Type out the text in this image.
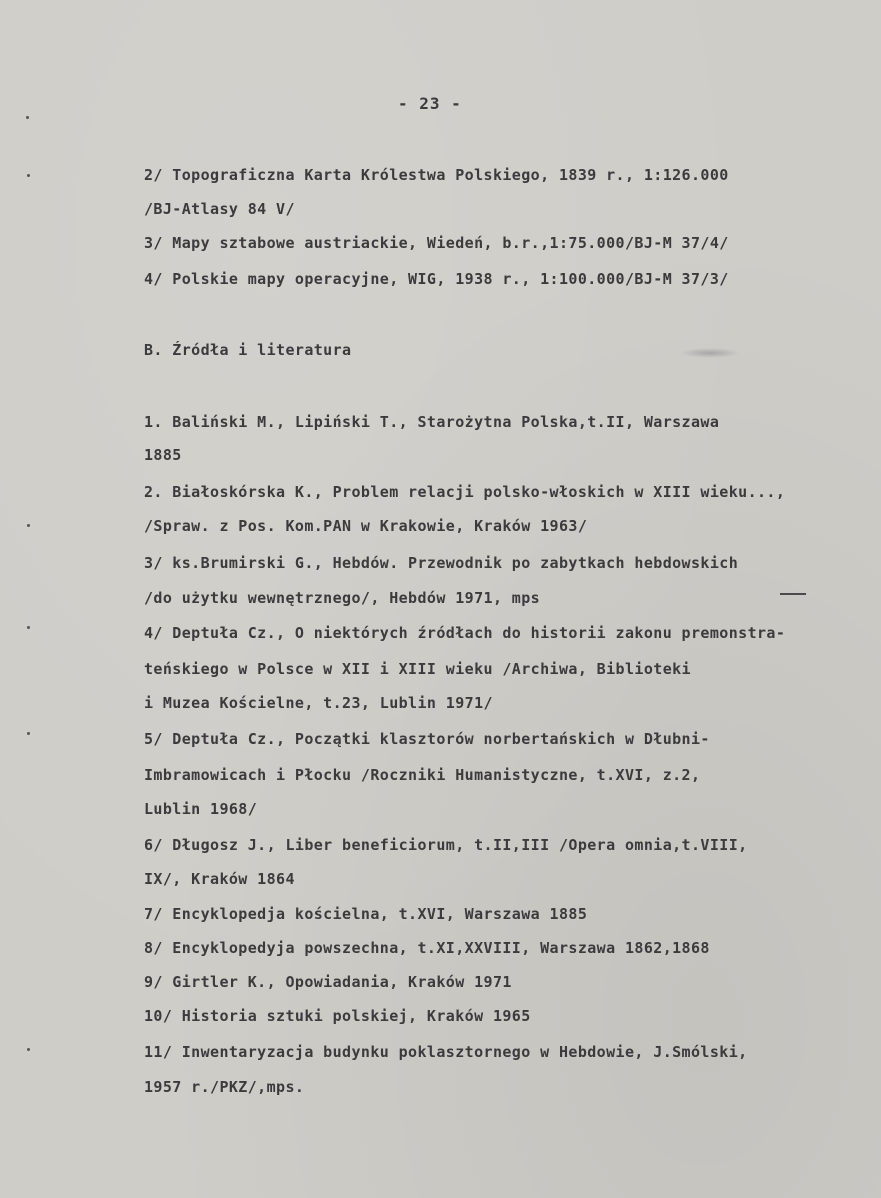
- 23 -
2/ Topograficzna Karta Królestwa Polskiego, 1839 r., 1:126.000
/BJ-Atlasy 84 V/
3/ Mapy sztabowe austriackie, Wiedeń, b.r.,1:75.000/BJ-M 37/4/
4/ Polskie mapy operacyjne, WIG, 1938 r., 1:100.000/BJ-M 37/3/
B. Źródła i literatura
1. Baliński M., Lipiński T., Starożytna Polska,t.II, Warszawa
1885
2. Białoskórska K., Problem relacji polsko-włoskich w XIII wieku...,
/Spraw. z Pos. Kom.PAN w Krakowie, Kraków 1963/
3/ ks.Brumirski G., Hebdów. Przewodnik po zabytkach hebdowskich
/do użytku wewnętrznego/, Hebdów 1971, mps
4/ Deptuła Cz., O niektórych źródłach do historii zakonu premonstra-
teńskiego w Polsce w XII i XIII wieku /Archiwa, Biblioteki
i Muzea Kościelne, t.23, Lublin 1971/
5/ Deptuła Cz., Początki klasztorów norbertańskich w Dłubni-
Imbramowicach i Płocku /Roczniki Humanistyczne, t.XVI, z.2,
Lublin 1968/
6/ Długosz J., Liber beneficiorum, t.II,III /Opera omnia,t.VIII,
IX/, Kraków 1864
7/ Encyklopedja kościelna, t.XVI, Warszawa 1885
8/ Encyklopedyja powszechna, t.XI,XXVIII, Warszawa 1862,1868
9/ Girtler K., Opowiadania, Kraków 1971
10/ Historia sztuki polskiej, Kraków 1965
11/ Inwentaryzacja budynku poklasztornego w Hebdowie, J.Smólski,
1957 r./PKZ/,mps.
